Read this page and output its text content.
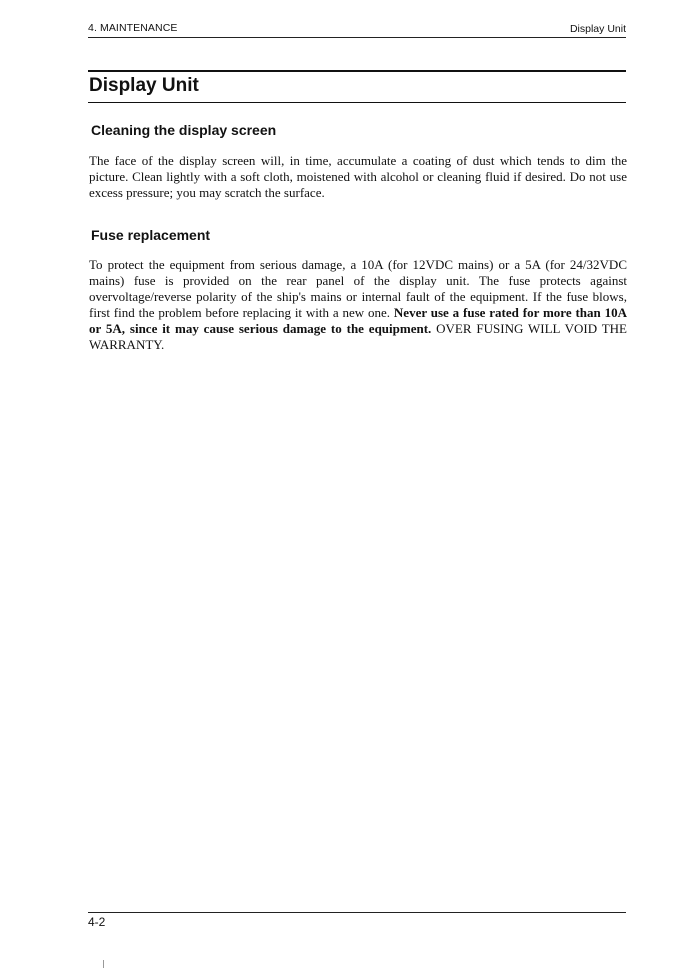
4. MAINTENANCE	Display Unit
Display Unit
Cleaning the display screen

The face of the display screen will, in time, accumulate a coating of dust which tends to dim the picture. Clean lightly with a soft cloth, moistened with alcohol or cleaning fluid if desired. Do not use excess pressure; you may scratch the surface.

Fuse replacement

To protect the equipment from serious damage, a 10A (for 12VDC mains) or a 5A (for 24/32VDC mains) fuse is provided on the rear panel of the display unit. The fuse protects against overvoltage/reverse polarity of the ship's mains or internal fault of the equipment. If the fuse blows, first find the problem before replacing it with a new one. Never use a fuse rated for more than 10A or 5A, since it may cause serious damage to the equipment. OVER FUSING WILL VOID THE WARRANTY.

4-2
